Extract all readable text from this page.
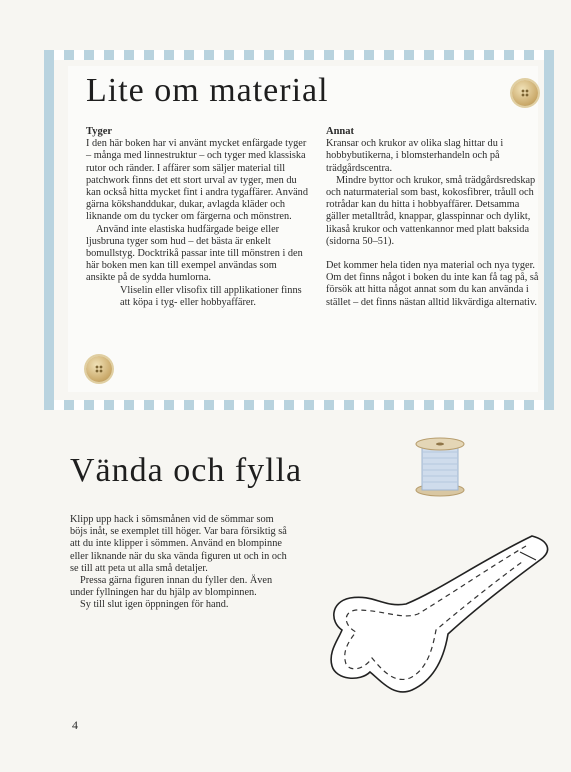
Lite om material
Tyger

I den här boken har vi använt mycket enfärgade tyger – många med linnestruktur – och tyger med klassiska rutor och ränder. I affärer som säljer material till patchwork finns det ett stort urval av tyger, men du kan också hitta mycket fint i andra tygaffärer. Använd gärna kökshanddukar, dukar, avlagda kläder och liknande om du tycker om färgerna och mönstren.

Använd inte elastiska hudfärgade beige eller ljusbruna tyger som hud – det bästa är enkelt bomullstyg. Docktrikå passar inte till mönstren i den här boken men kan till exempel användas som ansikte på de sydda humlorna.

Vliselin eller vlisofix till applikationer finns att köpa i tyg- eller hobbyaffärer.

Annat

Kransar och krukor av olika slag hittar du i hobbybutikerna, i blomsterhandeln och på trädgårdscentra.

Mindre byttor och krukor, små trädgårdsredskap och naturmaterial som bast, kokosfibrer, tråull och rotrådar kan du hitta i hobbyaffärer. Detsamma gäller metalltråd, knappar, glasspinnar och dylikt, likaså krukor och vattenkannor med platt baksida (sidorna 50–51).

Det kommer hela tiden nya material och nya tyger. Om det finns något i boken du inte kan få tag på, så försök att hitta något annat som du kan använda i stället – det finns nästan alltid likvärdiga alternativ.

Vända och fylla

Klipp upp hack i sömsmånen vid de sömmar som böjs inåt, se exemplet till höger. Var bara försiktig så att du inte klipper i sömmen. Använd en blompinne eller liknande när du ska vända figuren ut och in och se till att peta ut alla små detaljer.

Pressa gärna figuren innan du fyller den. Även under fyllningen har du hjälp av blompinnen.

Sy till slut igen öppningen för hand.

4
